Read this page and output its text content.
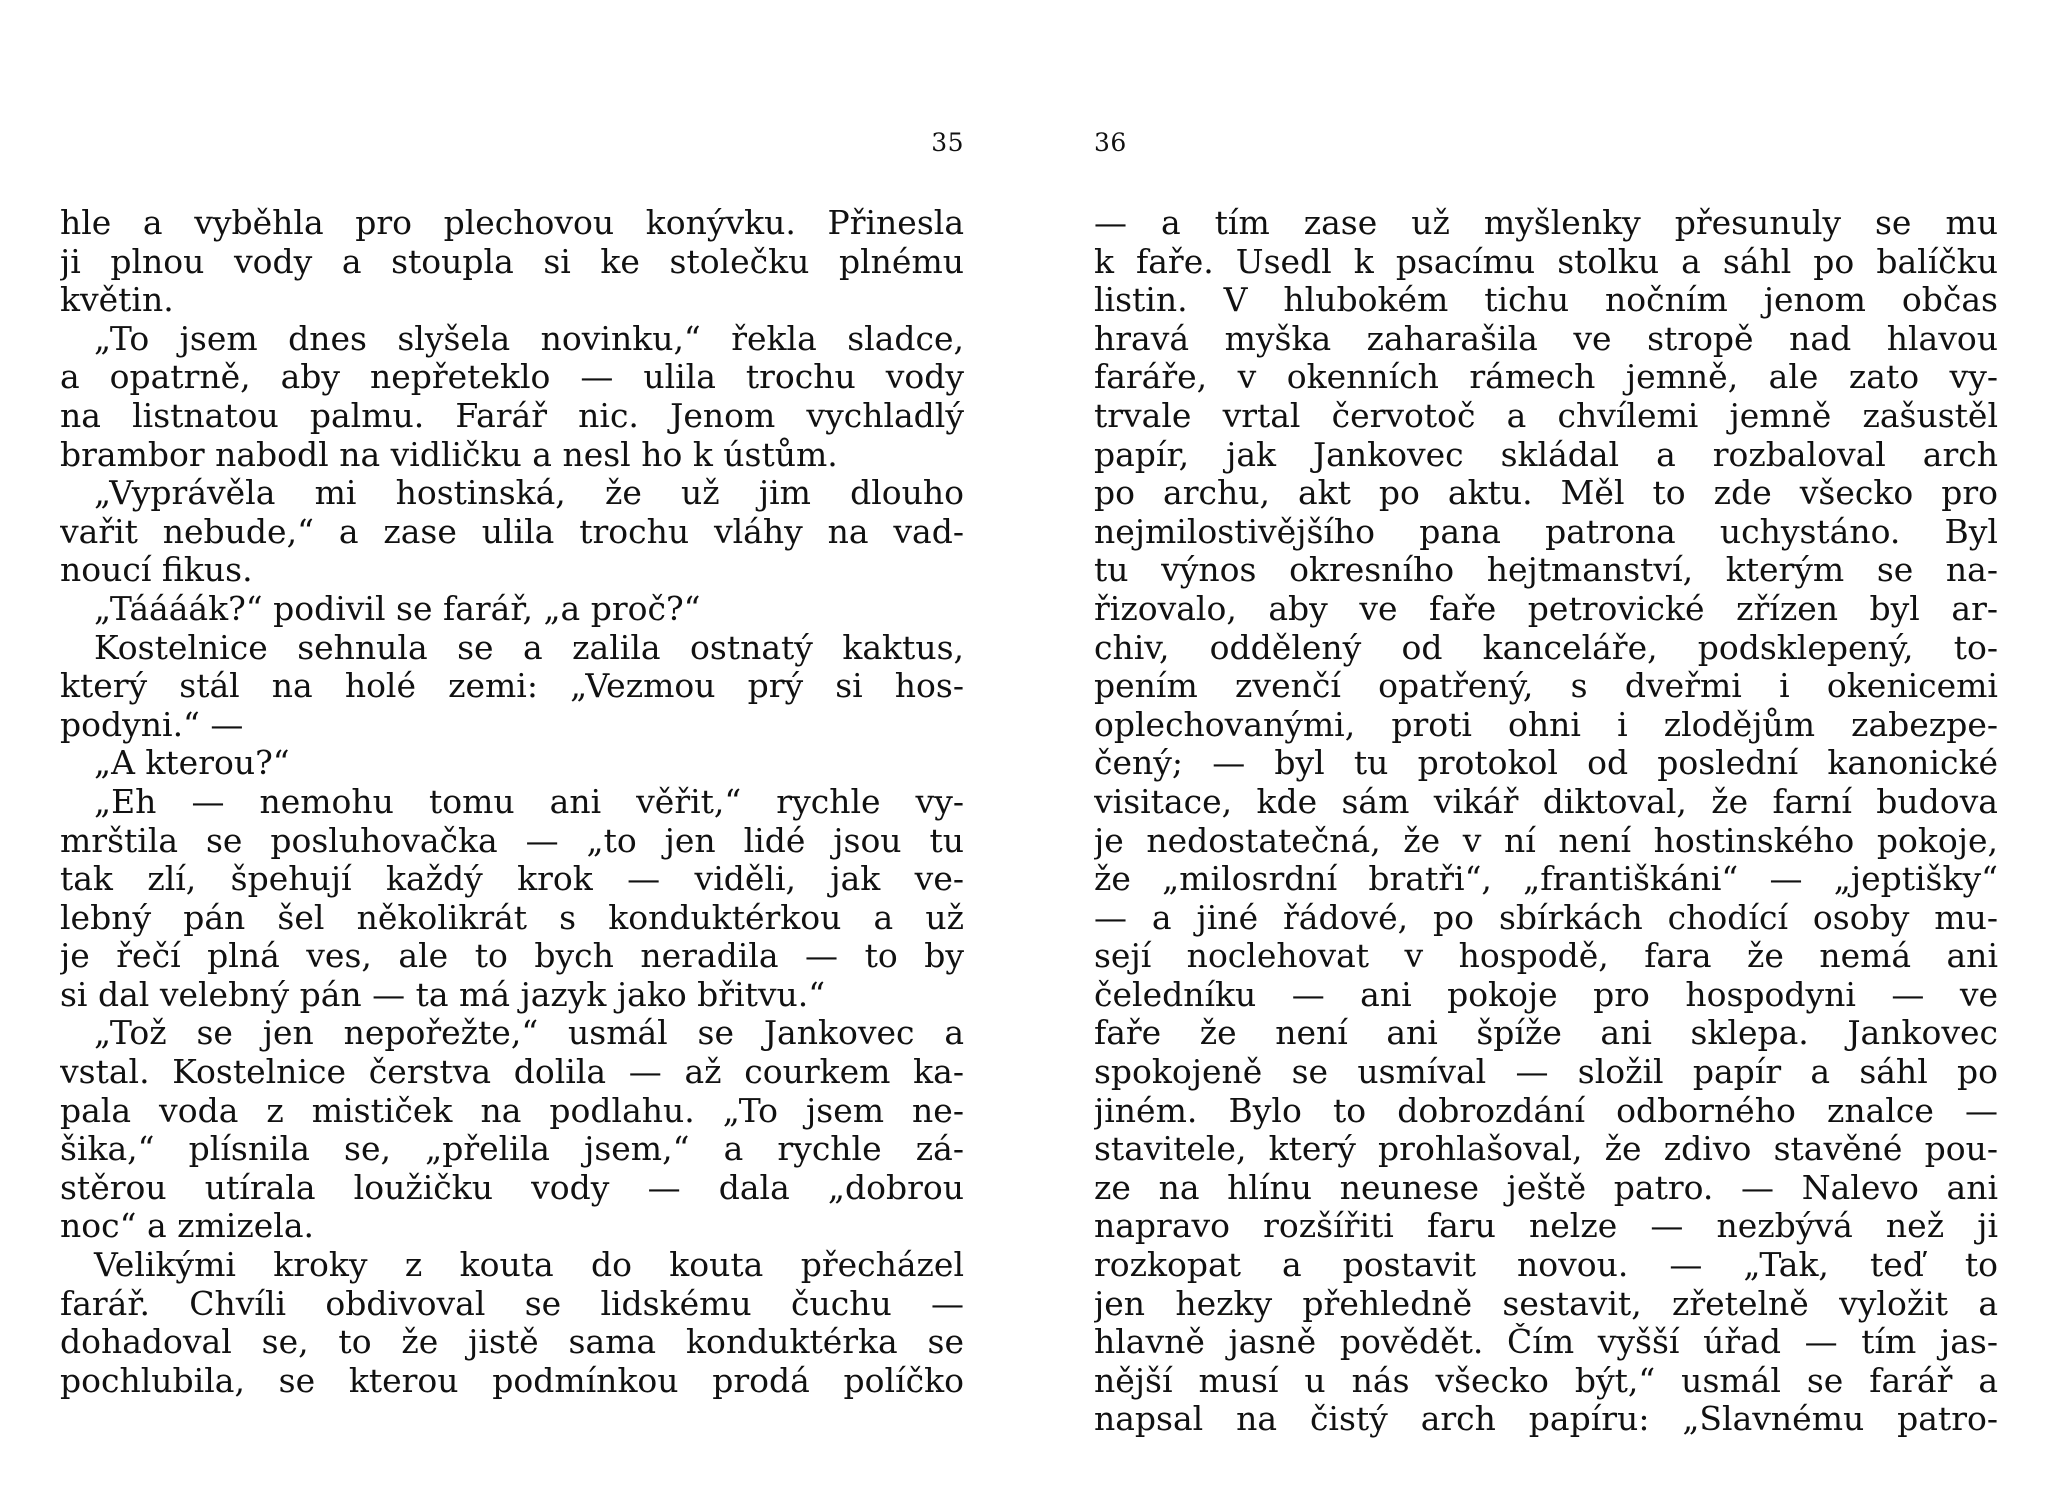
35
hle a vyběhla pro plechovou konývku. Přinesla
ji plnou vody a stoupla si ke stolečku plnému
květin.
„To jsem dnes slyšela novinku,“ řekla sladce,
a opatrně, aby nepřeteklo — ulila trochu vody
na listnatou palmu. Farář nic. Jenom vychladlý
brambor nabodl na vidličku a nesl ho k ústům.
„Vyprávěla mi hostinská, že už jim dlouho
vařit nebude,“ a zase ulila trochu vláhy na vad-
noucí fikus.
„Táááák?“ podivil se farář, „a proč?“
Kostelnice sehnula se a zalila ostnatý kaktus,
který stál na holé zemi: „Vezmou prý si hos-
podyni.“ —
„A kterou?“
„Eh — nemohu tomu ani věřit,“ rychle vy-
mrštila se posluhovačka — „to jen lidé jsou tu
tak zlí, špehují každý krok — viděli, jak ve-
lebný pán šel několikrát s konduktérkou a už
je řečí plná ves, ale to bych neradila — to by
si dal velebný pán — ta má jazyk jako břitvu.“
„Tož se jen nepořežte,“ usmál se Jankovec a
vstal. Kostelnice čerstva dolila — až courkem ka-
pala voda z mističek na podlahu. „To jsem ne-
šika,“ plísnila se, „přelila jsem,“ a rychle zá-
stěrou utírala loužičku vody — dala „dobrou
noc“ a zmizela.
Velikými kroky z kouta do kouta přecházel
farář. Chvíli obdivoval se lidskému čuchu —
dohadoval se, to že jistě sama konduktérka se
pochlubila, se kterou podmínkou prodá políčko
36
— a tím zase už myšlenky přesunuly se mu
k faře. Usedl k psacímu stolku a sáhl po balíčku
listin. V hlubokém tichu nočním jenom občas
hravá myška zaharašila ve stropě nad hlavou
faráře, v okenních rámech jemně, ale zato vy-
trvale vrtal červotoč a chvílemi jemně zašustěl
papír, jak Jankovec skládal a rozbaloval arch
po archu, akt po aktu. Měl to zde všecko pro
nejmilostivějšího pana patrona uchystáno. Byl
tu výnos okresního hejtmanství, kterým se na-
řizovalo, aby ve faře petrovické zřízen byl ar-
chiv, oddělený od kanceláře, podsklepený, to-
pením zvenčí opatřený, s dveřmi i okenicemi
oplechovanými, proti ohni i zlodějům zabezpe-
čený; — byl tu protokol od poslední kanonické
visitace, kde sám vikář diktoval, že farní budova
je nedostatečná, že v ní není hostinského pokoje,
že „milosrdní bratři“, „františkáni“ — „jeptišky“
— a jiné řádové, po sbírkách chodící osoby mu-
sejí noclehovat v hospodě, fara že nemá ani
čeledníku — ani pokoje pro hospodyni — ve
faře že není ani špíže ani sklepa. Jankovec
spokojeně se usmíval — složil papír a sáhl po
jiném. Bylo to dobrozdání odborného znalce —
stavitele, který prohlašoval, že zdivo stavěné pou-
ze na hlínu neunese ještě patro. — Nalevo ani
napravo rozšířiti faru nelze — nezbývá než ji
rozkopat a postavit novou. — „Tak, teď to
jen hezky přehledně sestavit, zřetelně vyložit a
hlavně jasně povědět. Čím vyšší úřad — tím jas-
nější musí u nás všecko být,“ usmál se farář a
napsal na čistý arch papíru: „Slavnému patro-
